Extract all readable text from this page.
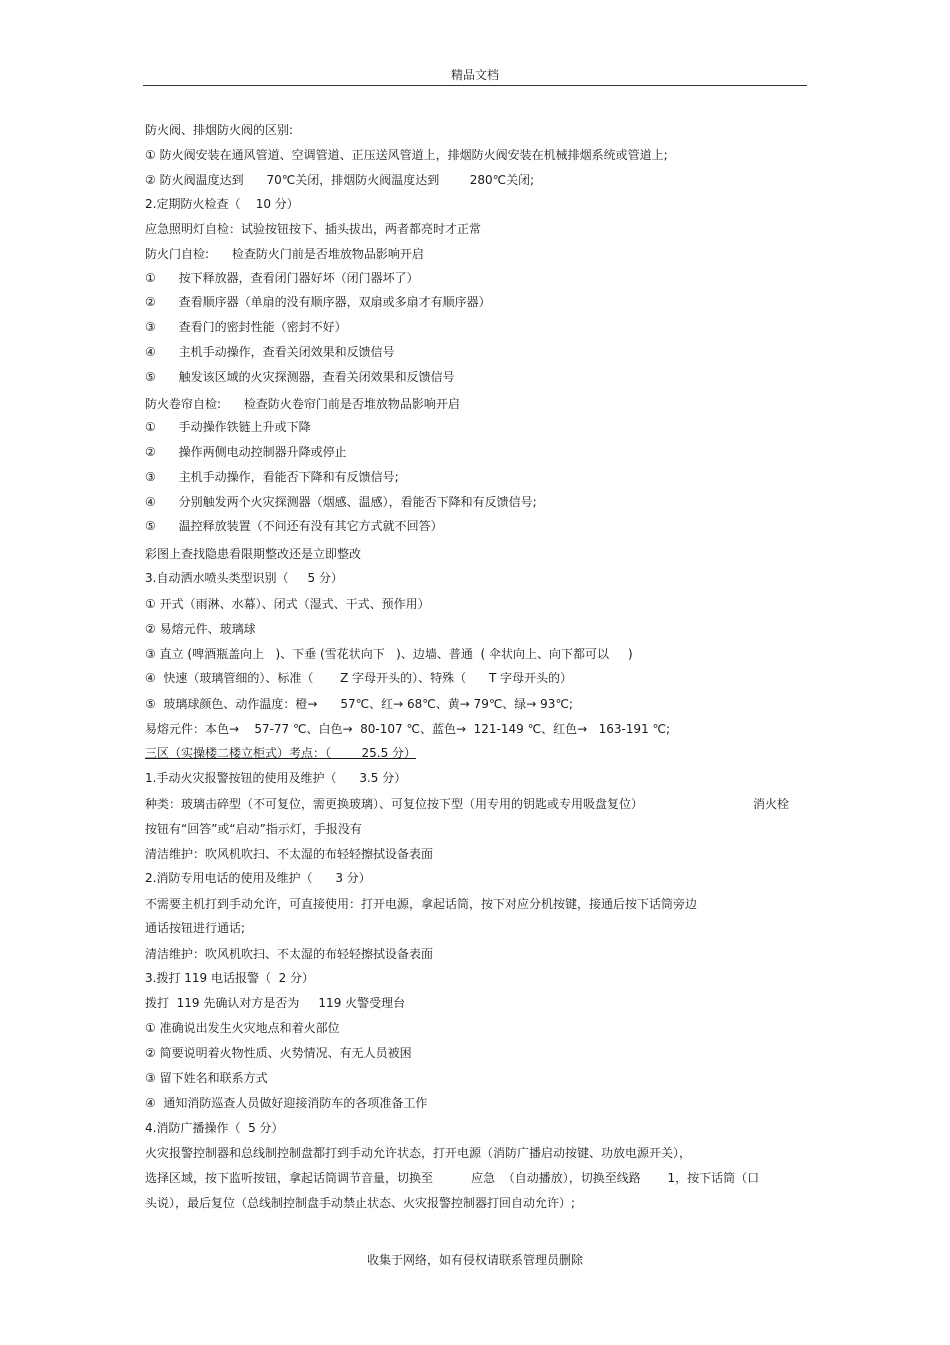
精品文档
防火阀、排烟防火阀的区别:
① 防火阀安装在通风管道、空调管道、正压送风管道上，排烟防火阀安装在机械排烟系统或管道上;
② 防火阀温度达到      70℃关闭，排烟防火阀温度达到        280℃关闭;
2.定期防火检查（    10 分）
应急照明灯自检：试验按钮按下、插头拔出，两者都亮时才正常
防火门自检:      检查防火门前是否堆放物品影响开启
①      按下释放器，查看闭门器好坏（闭门器坏了）
②      查看顺序器（单扇的没有顺序器，双扇或多扇才有顺序器）
③      查看门的密封性能（密封不好）
④      主机手动操作，查看关闭效果和反馈信号
⑤      触发该区域的火灾探测器，查看关闭效果和反馈信号
防火卷帘自检:      检查防火卷帘门前是否堆放物品影响开启
①      手动操作铁链上升或下降
②      操作两侧电动控制器升降或停止
③      主机手动操作，看能否下降和有反馈信号;
④      分别触发两个火灾探测器（烟感、温感），看能否下降和有反馈信号;
⑤      温控释放装置（不问还有没有其它方式就不回答）
彩图上查找隐患看限期整改还是立即整改
3.自动洒水喷头类型识别（     5 分）
① 开式（雨淋、水幕）、闭式（湿式、干式、预作用）
② 易熔元件、玻璃球
③ 直立 (啤酒瓶盖向上   )、下垂 (雪花状向下   )、边墙、普通  ( 伞状向上、向下都可以     )
④  快速（玻璃管细的）、标准（       Z 字母开头的）、特殊（      T 字母开头的）
⑤  玻璃球颜色、动作温度：橙→      57℃、红→ 68℃、黄→ 79℃、绿→ 93℃;
易熔元件：本色→    57-77 ℃、白色→  80-107 ℃、蓝色→  121-149 ℃、红色→   163-191 ℃;
三区（实操楼二楼立柜式）考点：（        25.5 分）
1.手动火灾报警按钮的使用及维护（      3.5 分）
种类：玻璃击碎型（不可复位，需更换玻璃）、可复位按下型（用专用的钥匙或专用吸盘复位）	消火栓
按钮有“回答”或“启动”指示灯，手报没有
清洁维护：吹风机吹扫、不太湿的布轻轻擦拭设备表面
2.消防专用电话的使用及维护（      3 分）
不需要主机打到手动允许，可直接使用：打开电源，拿起话筒，按下对应分机按键，接通后按下话筒旁边
通话按钮进行通话;
清洁维护：吹风机吹扫、不太湿的布轻轻擦拭设备表面
3.拨打 119 电话报警（  2 分）
拨打  119 先确认对方是否为     119 火警受理台
① 准确说出发生火灾地点和着火部位
② 简要说明着火物性质、火势情况、有无人员被困
③ 留下姓名和联系方式
④  通知消防巡查人员做好迎接消防车的各项准备工作
4.消防广播操作（  5 分）
火灾报警控制器和总线制控制盘都打到手动允许状态，打开电源（消防广播启动按键、功放电源开关），
选择区域，按下监听按钮，拿起话筒调节音量，切换至          应急  （自动播放），切换至线路       1，按下话筒（口
头说），最后复位（总线制控制盘手动禁止状态、火灾报警控制器打回自动允许）;
收集于网络，如有侵权请联系管理员删除
